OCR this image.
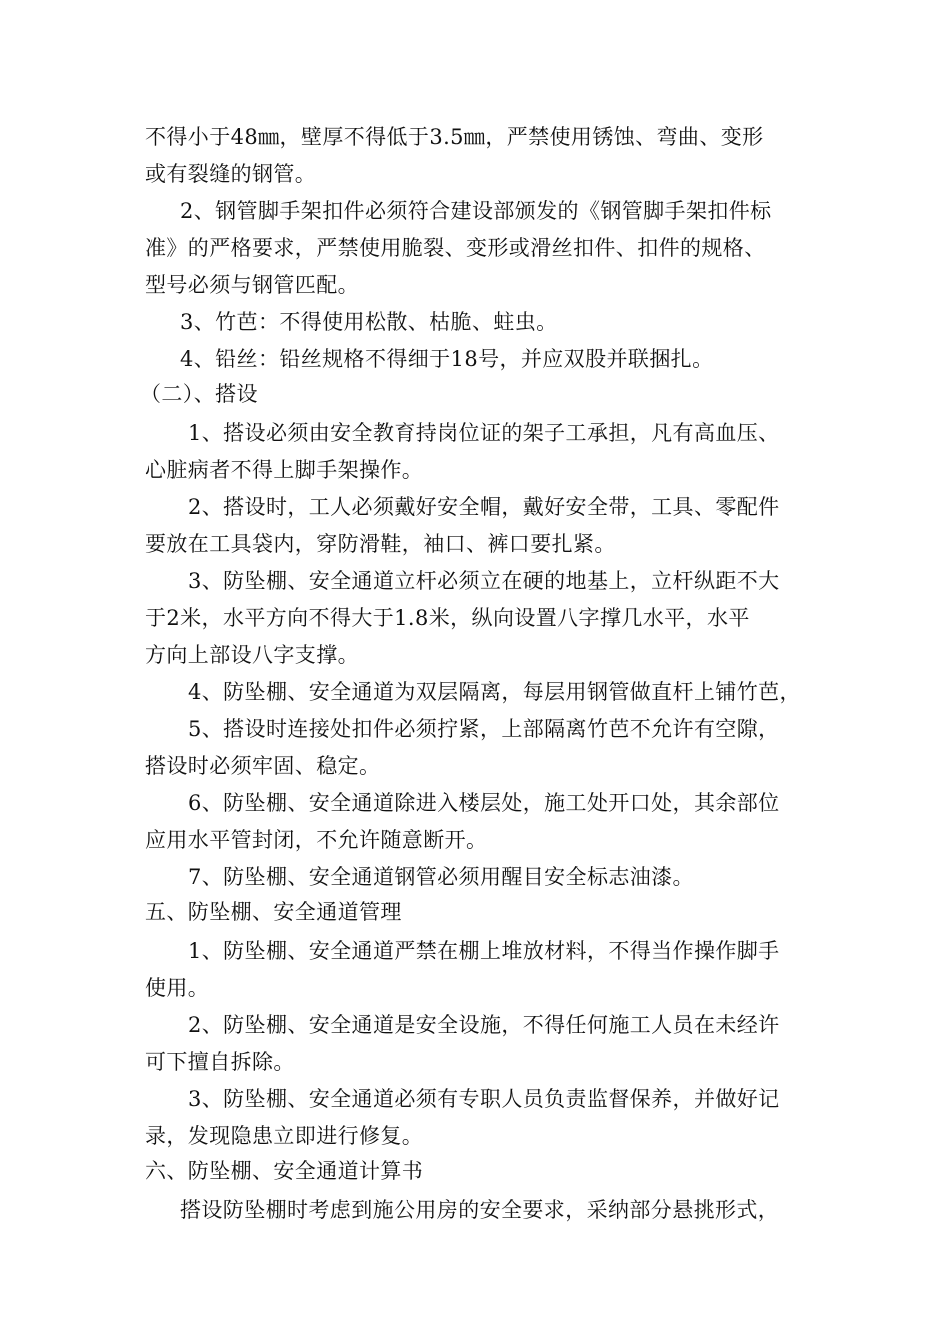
不得小于48㎜，壁厚不得低于3.5㎜，严禁使用锈蚀、弯曲、变形
或有裂缝的钢管。
2、钢管脚手架扣件必须符合建设部颁发的《钢管脚手架扣件标
准》的严格要求，严禁使用脆裂、变形或滑丝扣件、扣件的规格、
型号必须与钢管匹配。
3、竹芭：不得使用松散、枯脆、蛀虫。
4、铅丝：铅丝规格不得细于18号，并应双股并联捆扎。
（二）、搭设
1、搭设必须由安全教育持岗位证的架子工承担，凡有高血压、
心脏病者不得上脚手架操作。
2、搭设时，工人必须戴好安全帽，戴好安全带，工具、零配件
要放在工具袋内，穿防滑鞋，袖口、裤口要扎紧。
3、防坠棚、安全通道立杆必须立在硬的地基上，立杆纵距不大
于2米，水平方向不得大于1.8米，纵向设置八字撑几水平，水平
方向上部设八字支撑。
4、防坠棚、安全通道为双层隔离，每层用钢管做直杆上铺竹芭，
5、搭设时连接处扣件必须拧紧，上部隔离竹芭不允许有空隙，
搭设时必须牢固、稳定。
6、防坠棚、安全通道除进入楼层处，施工处开口处，其余部位
应用水平管封闭，不允许随意断开。
7、防坠棚、安全通道钢管必须用醒目安全标志油漆。
五、防坠棚、安全通道管理
1、防坠棚、安全通道严禁在棚上堆放材料，不得当作操作脚手
使用。
2、防坠棚、安全通道是安全设施，不得任何施工人员在未经许
可下擅自拆除。
3、防坠棚、安全通道必须有专职人员负责监督保养，并做好记
录，发现隐患立即进行修复。
六、防坠棚、安全通道计算书
搭设防坠棚时考虑到施公用房的安全要求，采纳部分悬挑形式，
